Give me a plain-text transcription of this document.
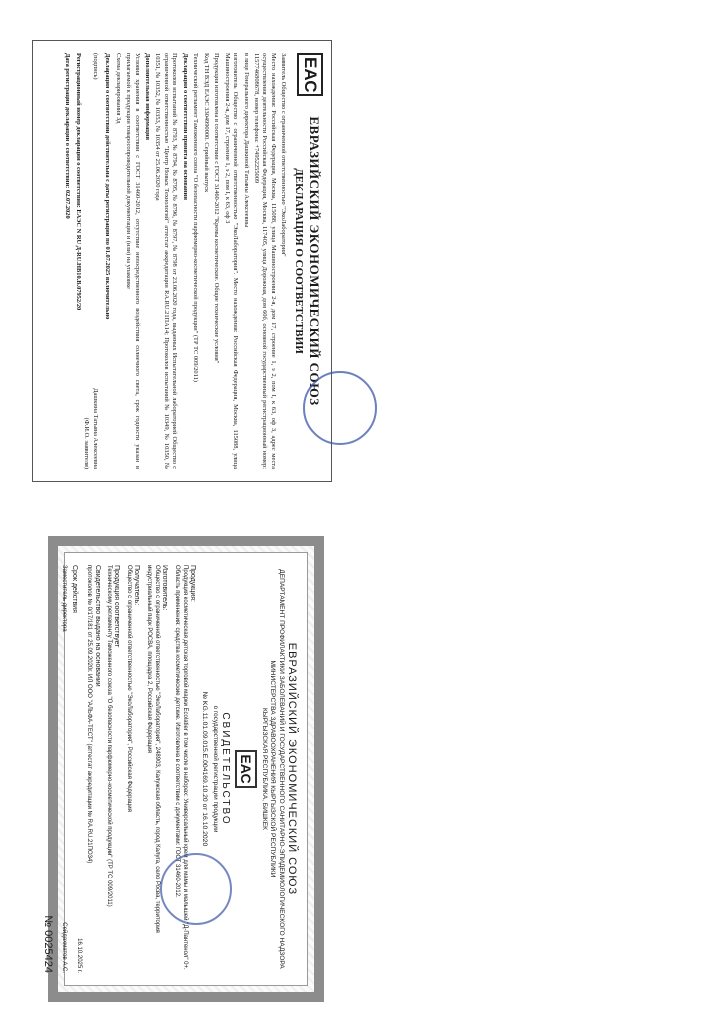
ЕАС
ЕВРАЗИЙСКИЙ ЭКОНОМИЧЕСКИЙ СОЮЗ
ДЕКЛАРАЦИЯ О СООТВЕТСТВИИ

Заявитель Общество с ограниченной ответственностью "ЭкоЛаборатория"

Место нахождения: Российская Федерация, Москва, 115088, улица Машиностроения 2-я, дом 17, строение 1, э 2, пом I, к 63, оф 3, адрес места осуществления деятельности Российская Федерация, Москва, 117405, улица Дорожная, дом 60б, основной государственный регистрационный номер: 1157746808678, номер телефона: +74952255009

в лице Генерального директора Дашкиной Татьяны Алексеевны

изготовитель Общество с ограниченной ответственностью "ЭкоЛаборатория". Место нахождения: Российская Федерация, Москва, 115088, улица Машиностроения 2-я, дом 17, строение 1, э 2, пом I, к 63, оф 3

Продукция изготовлена в соответствии с ГОСТ 31460-2012 "Кремы косметические. Общие технические условия"

Код ТН ВЭД ЕАЭС 3304990000. Серийный выпуск

Технический регламент Таможенного союза "О безопасности парфюмерно-косметической продукции" (ТР ТС 009/2011)

Декларация о соответствии принята на основании

Протоколов испытаний № 8793, № 8794, № 8795, № 8796, № 8797, № 8798 от 23.06.2020 года, выданных Испытательной лабораторией Общество с ограниченной ответственностью "Центр Новых Технологий" аттестат аккредитации RA.RU.21ПА14; Протоколов испытаний № 10349, № 10350, № 10351, № 10352, № 10353, № 10354 от 25.06.2020 года

Дополнительная информация

Условия хранения в соответствии с ГОСТ 31460-2012, отсутствие непосредственного воздействия солнечного света, срок годности указан в прилагаемой к продукции товаросопроводительной документации и (или) на упаковке

Схема декларирования 3д

Декларация о соответствии действительна с даты регистрации по 01.07.2025 включительно

(подпись)
Дашкина Татьяна Алексеевна
(Ф.И.О. заявителя)

Регистрационный номер декларации о соответствии: ЕАЭС N RU Д-RU.НВ10.В.07952/20

Дата регистрации декларации о соответствии: 02.07.2020

ЕВРАЗИЙСКИЙ ЭКОНОМИЧЕСКИЙ СОЮЗ
ДЕПАРТАМЕНТ ПРОФИЛАКТИКИ ЗАБОЛЕВАНИЙ И ГОСУДАРСТВЕННОГО САНИТАРНО-ЭПИДЕМИОЛОГИЧЕСКОГО НАДЗОРА
МИНИСТЕРСТВА ЗДРАВООХРАНЕНИЯ КЫРГЫЗСКОЙ РЕСПУБЛИКИ
КЫРГЫЗСКАЯ РЕСПУБЛИКА, БИШКЕК
ЕАС
СВИДЕТЕЛЬСТВО
о государственной регистрации продукции
№ KG.11.01.09.015.Е.004169.10.20 от 16.10.2020
Продукция:
Продукция косметическая детская торговой марки Ecolatier в том числе в наборах: Универсальный крем для мамы и малышей "Д-Пантенол" 0+. Область применения: средства косметические детские. Изготовлена в соответствии с документами: ГОСТ 31460-2012.
Изготовитель:
Общество с ограниченной ответственностью "ЭкоЛаборатория", 248903, Калужская область, город Калуга, село Росва, территория индустриальный парк РОСВА, площадка 2, Российская Федерация
Получатель:
Общество с ограниченной ответственностью "ЭкоЛаборатория", Российская Федерация
Продукция соответствует
Техническому регламенту Таможенного союза "О безопасности парфюмерно-косметической продукции" (ТР ТС 009/2011)
Свидетельство выдано на основании
протоколов № 0/17/181 от 25.09.2020г. ИЛ ООО "АЛЬФА-ТЕСТ" (аттестат аккредитации № RA.RU.21ПО34)
Срок действия
16.10.2025 г.
Заместитель директора
Сейдахматов А.С.
№ 0025424
